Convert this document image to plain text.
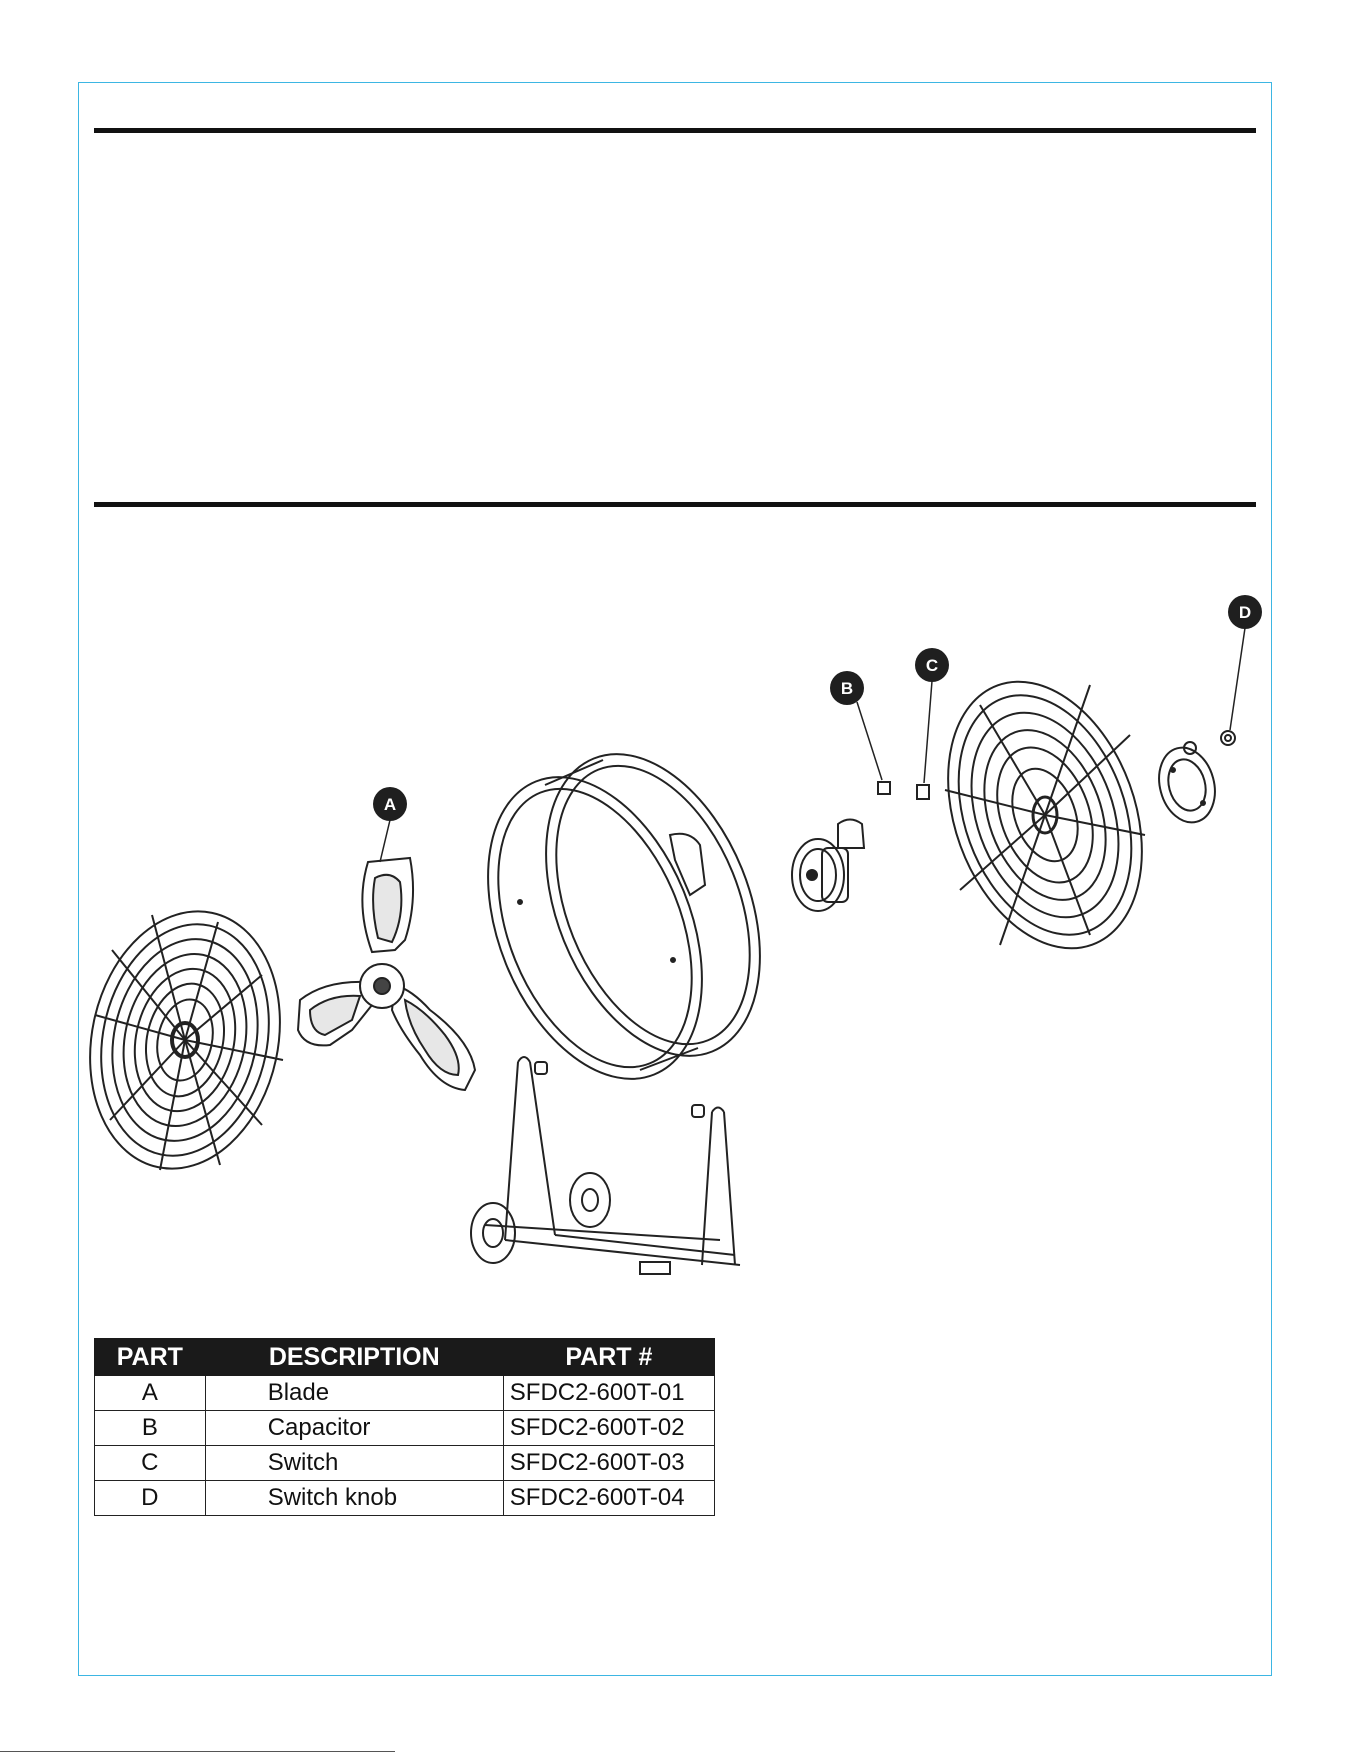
A
B
C
D
PART	DESCRIPTION	PART #
A	Blade	SFDC2-600T-01
B	Capacitor	SFDC2-600T-02
C	Switch	SFDC2-600T-03
D	Switch knob	SFDC2-600T-04
